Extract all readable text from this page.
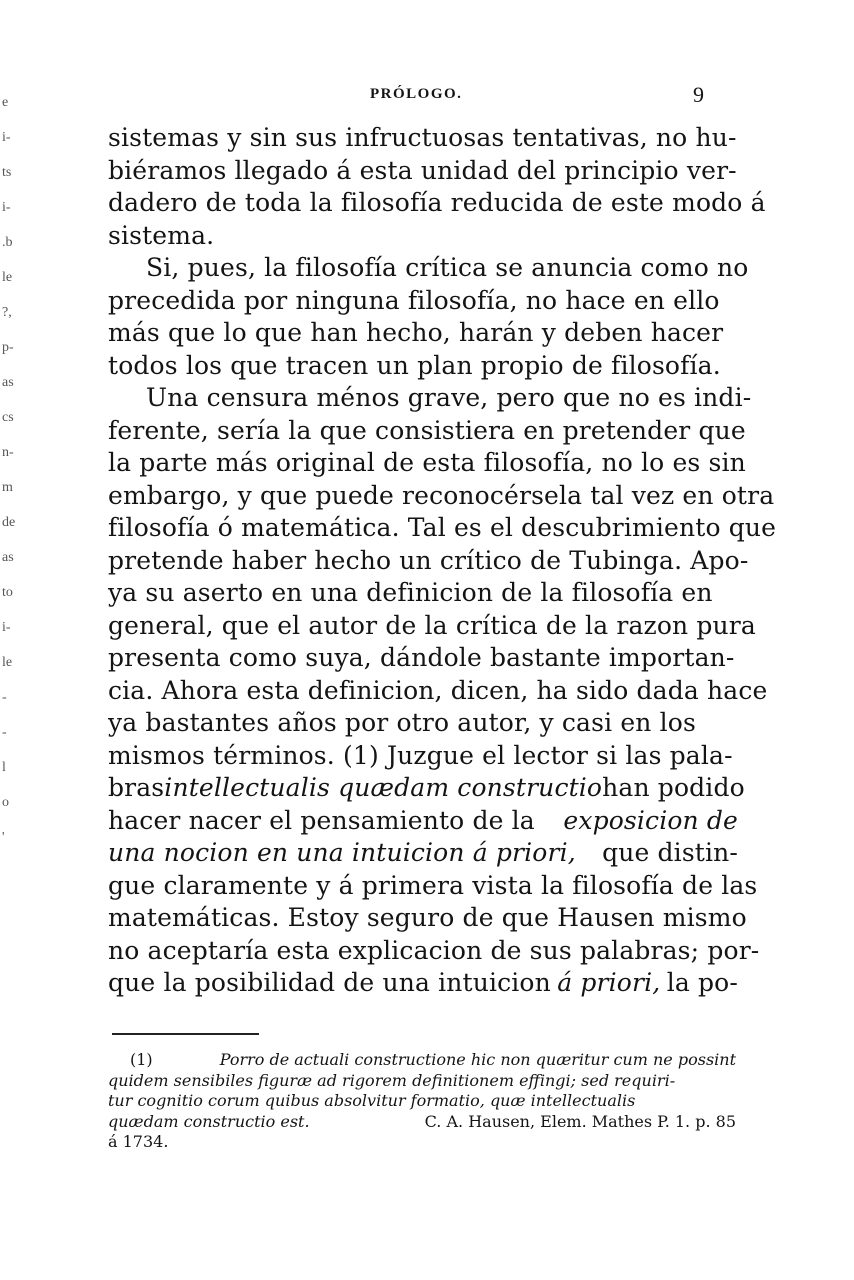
e
i-
ts
i-
.b
le
?,
p-
as
cs
n-
m
de
as
to
i-
le
-
-
l
o
'
PRÓLOGO.	9
sistemas y sin sus infructuosas tentativas, no hu-
biéramos llegado á esta unidad del principio ver-
dadero de toda la filosofía reducida de este modo á
sistema.
Si, pues, la filosofía crítica se anuncia como no
precedida por ninguna filosofía, no hace en ello
más que lo que han hecho, harán y deben hacer
todos los que tracen un plan propio de filosofía.
Una censura ménos grave, pero que no es indi-
ferente, sería la que consistiera en pretender que
la parte más original de esta filosofía, no lo es sin
embargo, y que puede reconocérsela tal vez en otra
filosofía ó matemática. Tal es el descubrimiento que
pretende haber hecho un crítico de Tubinga. Apo-
ya su aserto en una definicion de la filosofía en
general, que el autor de la crítica de la razon pura
presenta como suya, dándole bastante importan-
cia. Ahora esta definicion, dicen, ha sido dada hace
ya bastantes años por otro autor, y casi en los
mismos términos. (1) Juzgue el lector si las pala-
bras intellectualis quædam constructio han podido
hacer nacer el pensamiento de la exposicion de
una nocion en una intuicion á priori, que distin-
gue claramente y á primera vista la filosofía de las
matemáticas. Estoy seguro de que Hausen mismo
no aceptaría esta explicacion de sus palabras; por-
que la posibilidad de una intuicion á priori, la po-
(1)	Porro de actuali constructione hic non quæritur cum ne possint
quidem sensibiles figuræ ad rigorem definitionem effingi; sed requiri-
tur cognitio corum quibus absolvitur formatio, quæ intellectualis
quædam constructio est.	C. A. Hausen, Elem. Mathes P. 1. p. 85
á 1734.
